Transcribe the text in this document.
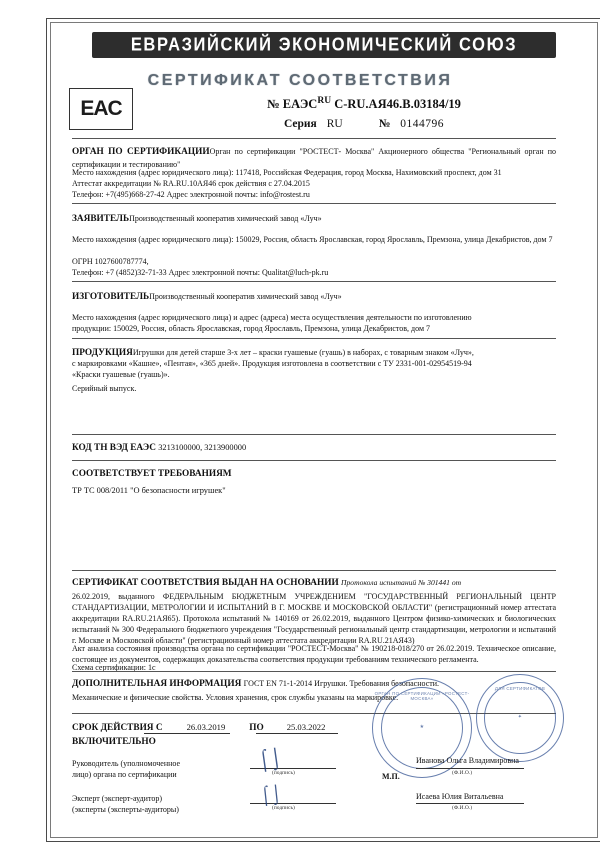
ЕВРАЗИЙСКИЙ ЭКОНОМИЧЕСКИЙ СОЮЗ
СЕРТИФИКАТ СООТВЕТСТВИЯ
ЕAC	№ $ЕАЭС^{RU}$ C-RU.АЯ46.В.03184/19
Серия RU	№ 0144796
ОРГАН ПО СЕРТИФИКАЦИИОрган по сертификации "РОСТЕСТ- Москва" Акционерного общества "Региональный орган по сертификации и тестированию"
Место нахождения (адрес юридического лица): 117418, Российская Федерация, город Москва, Нахимовский проспект, дом 31
Аттестат аккредитации № RA.RU.10АЯ46 срок действия с 27.04.2015
Телефон: +7(495)668-27-42 Адрес электронной почты: info@rostest.ru
ЗАЯВИТЕЛЬПроизводственный кооператив химический завод «Луч»
Место нахождения (адрес юридического лица): 150029, Россия, область Ярославская, город Ярославль, Премзона, улица Декабристов, дом 7
ОГРН 1027600787774,
Телефон: +7 (4852)32-71-33 Адрес электронной почты: Qualitat@luch-pk.ru
ИЗГОТОВИТЕЛЬПроизводственный кооператив химический завод «Луч»
Место нахождения (адрес юридического лица) и адрес (адреса) места осуществления деятельности по изготовлению
продукции: 150029, Россия, область Ярославская, город Ярославль, Премзона, улица Декабристов, дом 7
ПРОДУКЦИЯИгрушки для детей старше 3-х лет – краски гуашевые (гуашь) в наборах, с товарным знаком «Луч»,
с маркировками «Кашне», «Пентая», «365 дней». Продукция изготовлена в соответствии с ТУ 2331-001-02954519-94
«Краски гуашевые (гуашь)».
Серийный выпуск.
КОД ТН ВЭД ЕАЭС 3213100000, 3213900000
СООТВЕТСТВУЕТ ТРЕБОВАНИЯМ
ТР ТС 008/2011 "О безопасности игрушек"
СЕРТИФИКАТ СООТВЕТСТВИЯ ВЫДАН НА ОСНОВАНИИ Протокола испытаний № 301441 от
26.02.2019, выданного ФЕДЕРАЛЬНЫМ БЮДЖЕТНЫМ УЧРЕЖДЕНИЕМ "ГОСУДАРСТВЕННЫЙ РЕГИОНАЛЬНЫЙ ЦЕНТР СТАНДАРТИЗАЦИИ, МЕТРОЛОГИИ И ИСПЫТАНИЙ В Г. МОСКВЕ И МОСКОВСКОЙ ОБЛАСТИ" (регистрационный номер аттестата аккредитации RA.RU.21АЯ65). Протокола испытаний № 140169 от 26.02.2019, выданного Центром физико-химических и биологических испытаний № 300 Федерального бюджетного учреждения "Государственный региональный центр стандартизации, метрологии и испытаний г. Москве и Московской области" (регистрационный номер аттестата аккредитации RA.RU.21АЯ43)
Акт анализа состояния производства органа по сертификации "РОСТЕСТ-Москва" № 190218-018/270 от 26.02.2019. Техническое описание, состоящее из документов, содержащих доказательства соответствия продукции требованиям технического регламента.
Схема сертификации: 1с
ДОПОЛНИТЕЛЬНАЯ ИНФОРМАЦИЯ ГОСТ EN 71-1-2014 Игрушки. Требования безопасности.
Механические и физические свойства. Условия хранения, срок службы указаны на маркировке.
СРОК ДЕЙСТВИЯ С	26.03.2019	ПО	25.03.2022
ВКЛЮЧИТЕЛЬНО
ОРГАН ПО СЕРТИФИКАЦИИ «РОСТЕСТ-МОСКВА»
★
ДЛЯ СЕРТИФИКАТОВ
✦
Руководитель (уполномоченное
лицо) органа по сертификации	(подпись)	(Ф.И.О.)
Иванова Ольга Владимировна
⌠⌡
М.П.
Эксперт (эксперт-аудитор)
(эксперты (эксперты-аудиторы)	(подпись)	(Ф.И.О.)
Исаева Юлия Витальевна
⌠⌡
